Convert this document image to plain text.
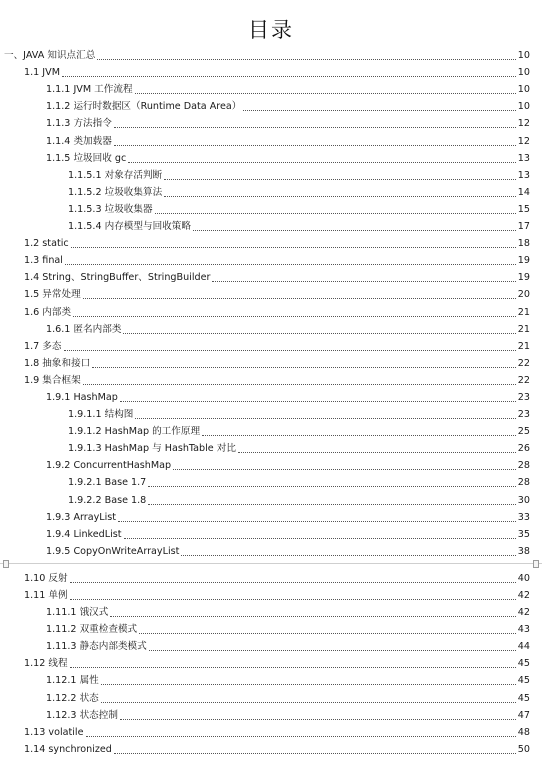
目录
一、JAVA 知识点汇总	10
1.1 JVM	10
1.1.1 JVM 工作流程	10
1.1.2 运行时数据区（Runtime Data Area）	10
1.1.3 方法指令	12
1.1.4 类加载器	12
1.1.5 垃圾回收 gc	13
1.1.5.1 对象存活判断	13
1.1.5.2 垃圾收集算法	14
1.1.5.3 垃圾收集器	15
1.1.5.4 内存模型与回收策略	17
1.2 static	18
1.3 final	19
1.4 String、StringBuffer、StringBuilder	19
1.5 异常处理	20
1.6 内部类	21
1.6.1 匿名内部类	21
1.7 多态	21
1.8 抽象和接口	22
1.9 集合框架	22
1.9.1 HashMap	23
1.9.1.1 结构图	23
1.9.1.2 HashMap 的工作原理	25
1.9.1.3 HashMap 与 HashTable 对比	26
1.9.2 ConcurrentHashMap	28
1.9.2.1 Base 1.7	28
1.9.2.2 Base 1.8	30
1.9.3 ArrayList	33
1.9.4 LinkedList	35
1.9.5 CopyOnWriteArrayList	38
1.10 反射	40
1.11 单例	42
1.11.1 饿汉式	42
1.11.2 双重检查模式	43
1.11.3 静态内部类模式	44
1.12 线程	45
1.12.1 属性	45
1.12.2 状态	45
1.12.3 状态控制	47
1.13 volatile	48
1.14 synchronized	50
